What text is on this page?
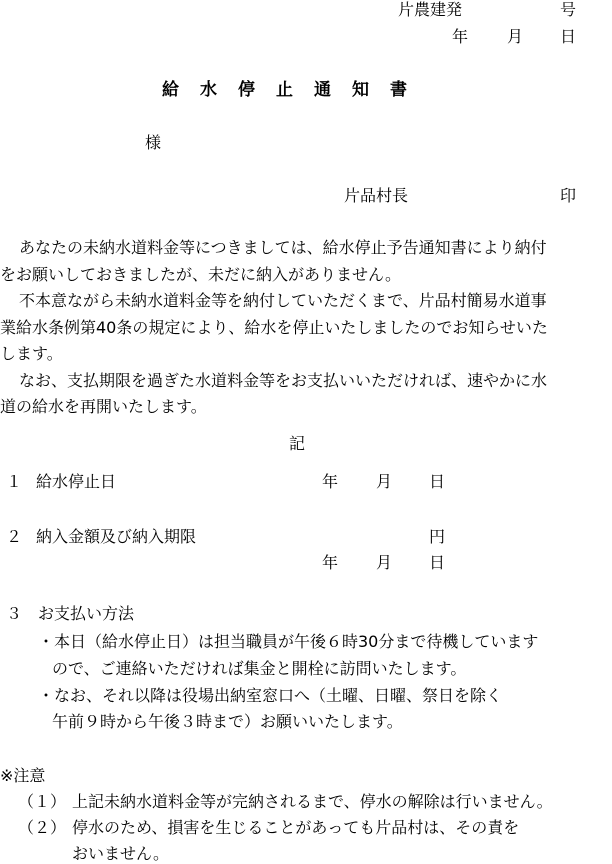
片農建発	号
年 月 日
給水停止通知書
様
片品村長	印
あなたの未納水道料金等につきましては、給水停止予告通知書により納付
をお願いしておきましたが、未だに納入がありません。
不本意ながら未納水道料金等を納付していただくまで、片品村簡易水道事
業給水条例第40条の規定により、給水を停止いたしましたのでお知らせいた
します。
なお、支払期限を過ぎた水道料金等をお支払いいただければ、速やかに水
道の給水を再開いたします。
記
１ 給水停止日	年 月 日
２ 納入金額及び納入期限	円
年 月 日
３ お支払い方法
・本日（給水停止日）は担当職員が午後６時30分まで待機しています
ので、ご連絡いただければ集金と開栓に訪問いたします。
・なお、それ以降は役場出納室窓口へ（土曜、日曜、祭日を除く
午前９時から午後３時まで）お願いいたします。
※注意
（１） 上記未納水道料金等が完納されるまで、停水の解除は行いません。
（２） 停水のため、損害を生じることがあっても片品村は、その責を
おいません。
